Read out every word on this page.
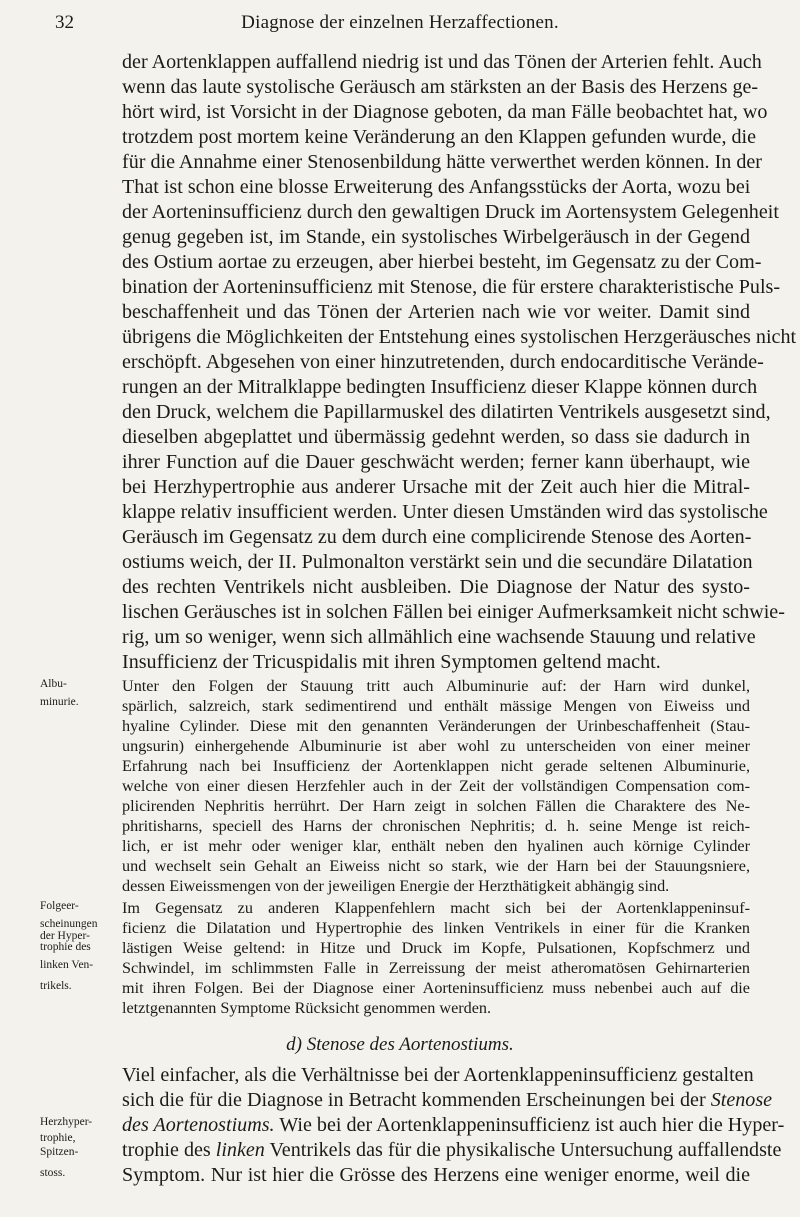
32	Diagnose der einzelnen Herzaffectionen.
der Aortenklappen auffallend niedrig ist und das Tönen der Arterien fehlt. Auch
wenn das laute systolische Geräusch am stärksten an der Basis des Herzens ge-
hört wird, ist Vorsicht in der Diagnose geboten, da man Fälle beobachtet hat, wo
trotzdem post mortem keine Veränderung an den Klappen gefunden wurde, die
für die Annahme einer Stenosenbildung hätte verwerthet werden können. In der
That ist schon eine blosse Erweiterung des Anfangsstücks der Aorta, wozu bei
der Aorteninsufficienz durch den gewaltigen Druck im Aortensystem Gelegenheit
genug gegeben ist, im Stande, ein systolisches Wirbelgeräusch in der Gegend
des Ostium aortae zu erzeugen, aber hierbei besteht, im Gegensatz zu der Com-
bination der Aorteninsufficienz mit Stenose, die für erstere charakteristische Puls-
beschaffenheit und das Tönen der Arterien nach wie vor weiter. Damit sind
übrigens die Möglichkeiten der Entstehung eines systolischen Herzgeräusches nicht
erschöpft. Abgesehen von einer hinzutretenden, durch endocarditische Verände-
rungen an der Mitralklappe bedingten Insufficienz dieser Klappe können durch
den Druck, welchem die Papillarmuskel des dilatirten Ventrikels ausgesetzt sind,
dieselben abgeplattet und übermässig gedehnt werden, so dass sie dadurch in
ihrer Function auf die Dauer geschwächt werden; ferner kann überhaupt, wie
bei Herzhypertrophie aus anderer Ursache mit der Zeit auch hier die Mitral-
klappe relativ insufficient werden. Unter diesen Umständen wird das systolische
Geräusch im Gegensatz zu dem durch eine complicirende Stenose des Aorten-
ostiums weich, der II. Pulmonalton verstärkt sein und die secundäre Dilatation
des rechten Ventrikels nicht ausbleiben. Die Diagnose der Natur des systo-
lischen Geräusches ist in solchen Fällen bei einiger Aufmerksamkeit nicht schwie-
rig, um so weniger, wenn sich allmählich eine wachsende Stauung und relative
Insufficienz der Tricuspidalis mit ihren Symptomen geltend macht.
Albu-
minurie.
Unter den Folgen der Stauung tritt auch Albuminurie auf: der Harn wird dunkel,
spärlich, salzreich, stark sedimentirend und enthält mässige Mengen von Eiweiss und
hyaline Cylinder. Diese mit den genannten Veränderungen der Urinbeschaffenheit (Stau-
ungsurin) einhergehende Albuminurie ist aber wohl zu unterscheiden von einer meiner
Erfahrung nach bei Insufficienz der Aortenklappen nicht gerade seltenen Albuminurie,
welche von einer diesen Herzfehler auch in der Zeit der vollständigen Compensation com-
plicirenden Nephritis herrührt. Der Harn zeigt in solchen Fällen die Charaktere des Ne-
phritisharns, speciell des Harns der chronischen Nephritis; d. h. seine Menge ist reich-
lich, er ist mehr oder weniger klar, enthält neben den hyalinen auch körnige Cylinder
und wechselt sein Gehalt an Eiweiss nicht so stark, wie der Harn bei der Stauungsniere,
dessen Eiweissmengen von der jeweiligen Energie der Herzthätigkeit abhängig sind.
Folgeer-
scheinungen
der Hyper-
trophie des
linken Ven-
trikels.
Im Gegensatz zu anderen Klappenfehlern macht sich bei der Aortenklappeninsuf-
ficienz die Dilatation und Hypertrophie des linken Ventrikels in einer für die Kranken
lästigen Weise geltend: in Hitze und Druck im Kopfe, Pulsationen, Kopfschmerz und
Schwindel, im schlimmsten Falle in Zerreissung der meist atheromatösen Gehirnarterien
mit ihren Folgen. Bei der Diagnose einer Aorteninsufficienz muss nebenbei auch auf die
letztgenannten Symptome Rücksicht genommen werden.
d) Stenose des Aortenostiums.
Herzhyper-
trophie,
Spitzen-
stoss.
Viel einfacher, als die Verhältnisse bei der Aortenklappeninsufficienz gestalten
sich die für die Diagnose in Betracht kommenden Erscheinungen bei der Stenose
des Aortenostiums. Wie bei der Aortenklappeninsufficienz ist auch hier die Hyper-
trophie des linken Ventrikels das für die physikalische Untersuchung auffallendste
Symptom. Nur ist hier die Grösse des Herzens eine weniger enorme, weil die
